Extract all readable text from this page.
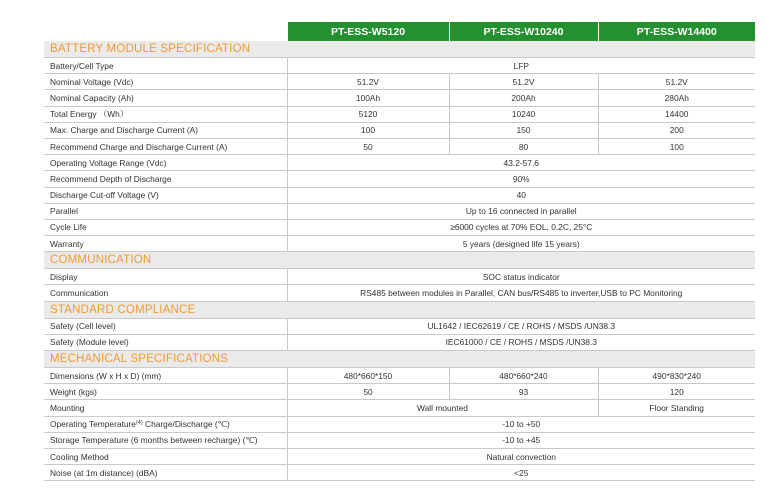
	PT-ESS-W5120	PT-ESS-W10240	PT-ESS-W14400
BATTERY MODULE SPECIFICATION			
Battery/Cell Type	LFP		
Nominal Voltage (Vdc)	51.2V	51.2V	51.2V
Nominal Capacity (Ah)	100Ah	200Ah	280Ah
Total Energy （Wh）	5120	10240	14400
Max. Charge and Discharge Current (A)	100	150	200
Recommend Charge and Discharge Current (A)	50	80	100
Operating Voltage Range (Vdc)	43.2-57.6		
Recommend Depth of Discharge	90%		
Discharge Cut-off Voltage (V)	40		
Parallel	Up to 16 connected in parallel		
Cycle Life	≥6000 cycles at 70% EOL, 0.2C, 25°C		
Warranty	5 years (designed life 15 years)		
COMMUNICATION			
Display	SOC status indicator		
Communication	RS485 between modules in Parallel, CAN bus/RS485 to inverter,USB to PC Monitoring		
STANDARD COMPLIANCE			
Safety (Cell level)	UL1642 / IEC62619 / CE / ROHS / MSDS /UN38.3		
Safety (Module level)	IEC61000 / CE / ROHS / MSDS /UN38.3		
MECHANICAL SPECIFICATIONS			
Dimensions (W x H x D) (mm)	480*660*150	480*660*240	490*830*240
Weight (kgs)	50	93	120
Mounting	Wall mounted		Floor Standing
Operating Temperature$^{(4)}$ Charge/Discharge (℃)	-10 to +50		
Storage Temperature (6 months between recharge) (℃)	-10 to +45		
Cooling Method	Natural convection		
Noise (at 1m distance) (dBA)	<25		
